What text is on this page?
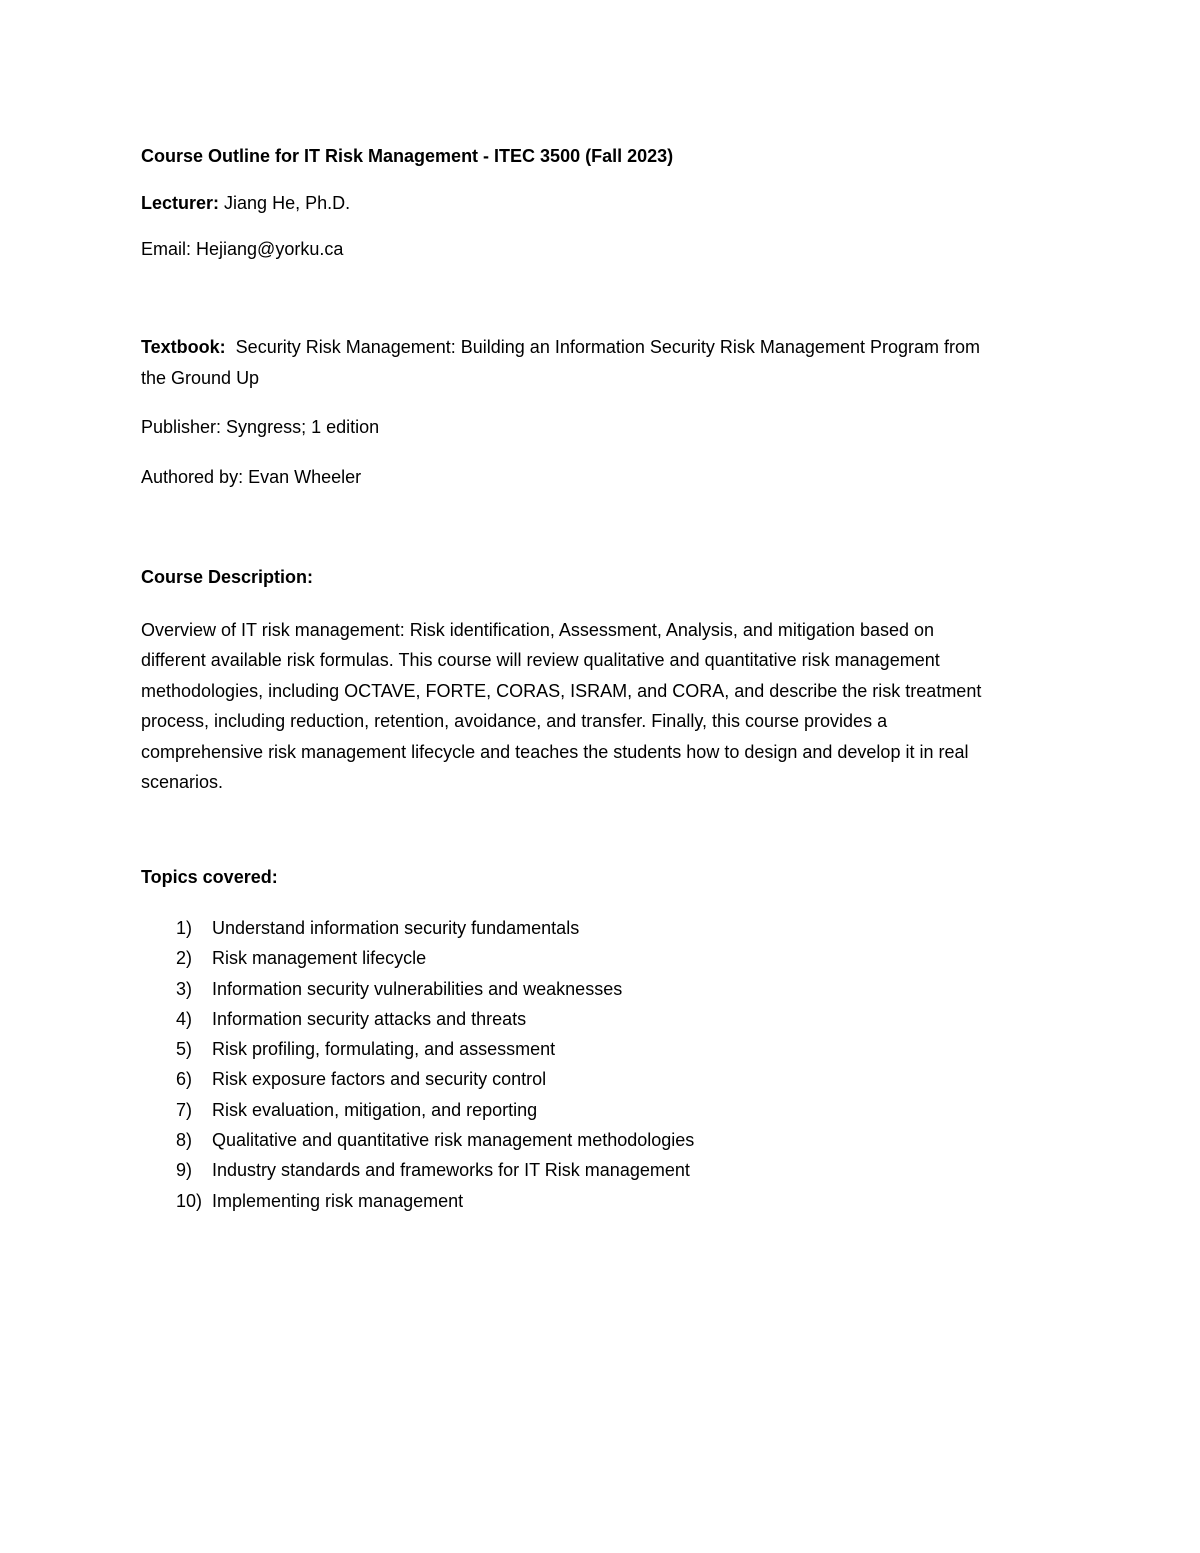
Course Outline for IT Risk Management - ITEC 3500 (Fall 2023)
Lecturer: Jiang He, Ph.D.
Email: Hejiang@yorku.ca
Textbook:  Security Risk Management: Building an Information Security Risk Management Program from
the Ground Up
Publisher: Syngress; 1 edition
Authored by: Evan Wheeler
Course Description:
Overview of IT risk management: Risk identification, Assessment, Analysis, and mitigation based on
different available risk formulas. This course will review qualitative and quantitative risk management
methodologies, including OCTAVE, FORTE, CORAS, ISRAM, and CORA, and describe the risk treatment
process, including reduction, retention, avoidance, and transfer. Finally, this course provides a
comprehensive risk management lifecycle and teaches the students how to design and develop it in real
scenarios.
Topics covered:
1)	Understand information security fundamentals
2)	Risk management lifecycle
3)	Information security vulnerabilities and weaknesses
4)	Information security attacks and threats
5)	Risk profiling, formulating, and assessment
6)	Risk exposure factors and security control
7)	Risk evaluation, mitigation, and reporting
8)	Qualitative and quantitative risk management methodologies
9)	Industry standards and frameworks for IT Risk management
10) Implementing risk management
